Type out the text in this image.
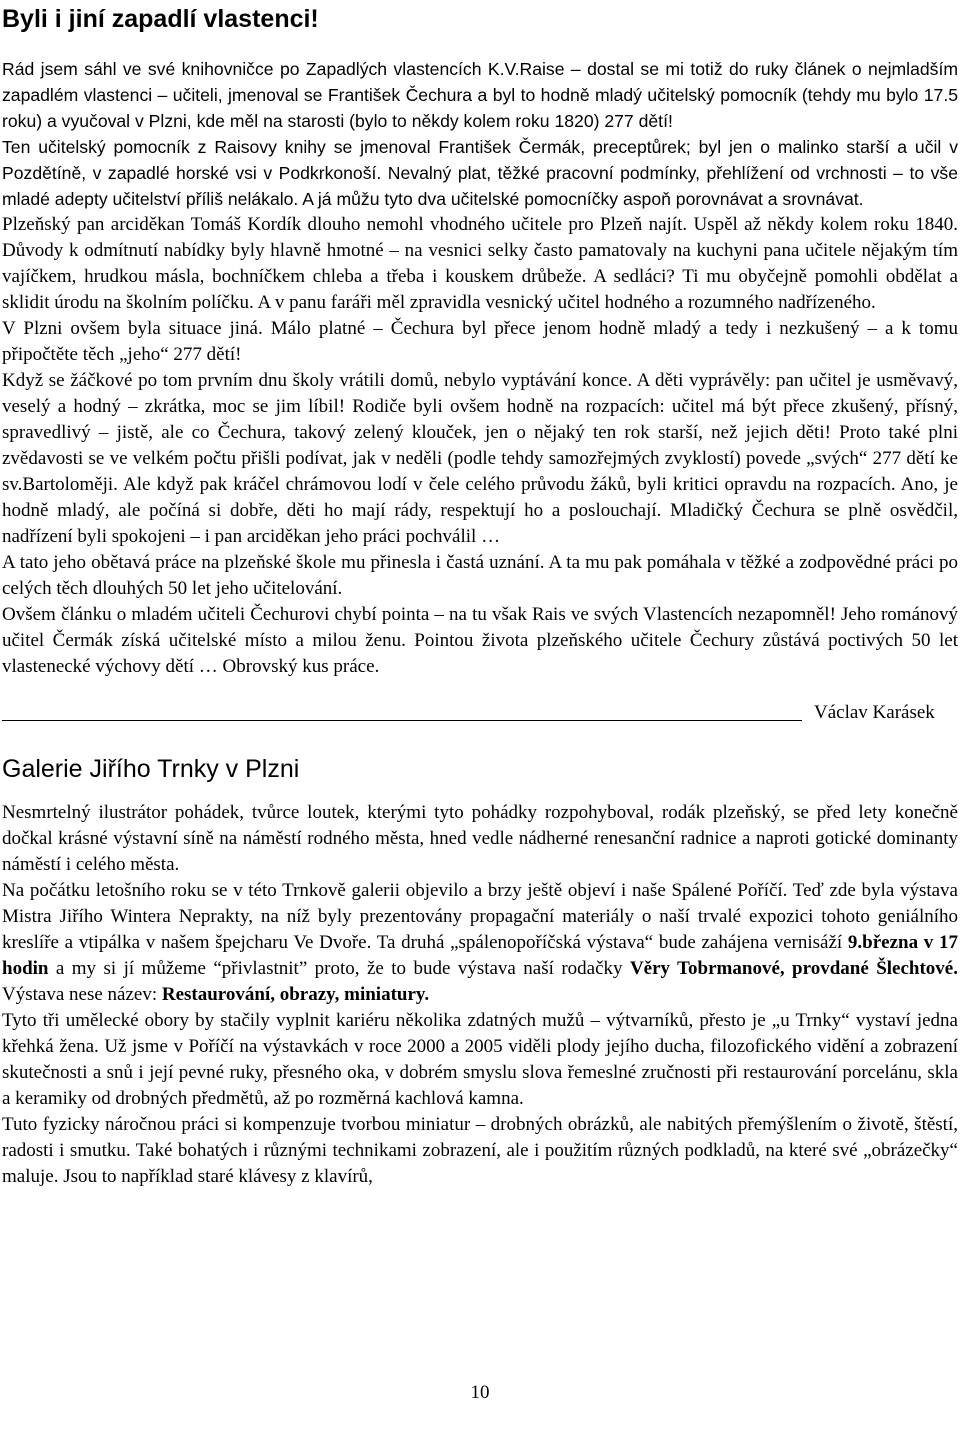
Byli i jiní zapadlí vlastenci!

Rád jsem sáhl ve své knihovničce po Zapadlých vlastencích K.V.Raise – dostal se mi totiž do ruky článek o nejmladším zapadlém vlastenci – učiteli, jmenoval se František Čechura a byl to hodně mladý učitelský pomocník (tehdy mu bylo 17.5 roku) a vyučoval v Plzni, kde měl na starosti (bylo to někdy kolem roku 1820) 277 dětí!

Ten učitelský pomocník z Raisovy knihy se jmenoval František Čermák, preceptůrek; byl jen o malinko starší a učil v Pozdětíně, v zapadlé horské vsi v Podkrkonoší. Nevalný plat, těžké pracovní podmínky, přehlížení od vrchnosti – to vše mladé adepty učitelství příliš nelákalo. A já můžu tyto dva učitelské pomocníčky aspoň porovnávat a srovnávat.

Plzeňský pan arciděkan Tomáš Kordík dlouho nemohl vhodného učitele pro Plzeň najít. Uspěl až někdy kolem roku 1840. Důvody k odmítnutí nabídky byly hlavně hmotné – na vesnici selky často pamatovaly na kuchyni pana učitele nějakým tím vajíčkem, hrudkou másla, bochníčkem chleba a třeba i kouskem drůbeže. A sedláci? Ti mu obyčejně pomohli obdělat a sklidit úrodu na školním políčku. A v panu faráři měl zpravidla vesnický učitel hodného a rozumného nadřízeného.

V Plzni ovšem byla situace jiná. Málo platné – Čechura byl přece jenom hodně mladý a tedy i nezkušený – a k tomu připočtěte těch „jeho“ 277 dětí!

Když se žáčkové po tom prvním dnu školy vrátili domů, nebylo vyptávání konce. A děti vyprávěly: pan učitel je usměvavý, veselý a hodný – zkrátka, moc se jim líbil! Rodiče byli ovšem hodně na rozpacích: učitel má být přece zkušený, přísný, spravedlivý – jistě, ale co Čechura, takový zelený klouček, jen o nějaký ten rok starší, než jejich děti! Proto také plni zvědavosti se ve velkém počtu přišli podívat, jak v neděli (podle tehdy samozřejmých zvyklostí) povede „svých“ 277 dětí ke sv.Bartoloměji. Ale když pak kráčel chrámovou lodí v čele celého průvodu žáků, byli kritici opravdu na rozpacích. Ano, je hodně mladý, ale počíná si dobře, děti ho mají rády, respektují ho a poslouchají. Mladičký Čechura se plně osvědčil, nadřízení byli spokojeni – i pan arciděkan jeho práci pochválil …

A tato jeho obětavá práce na plzeňské škole mu přinesla i častá uznání. A ta mu pak pomáhala v těžké a zodpovědné práci po celých těch dlouhých 50 let jeho učitelování.

Ovšem článku o mladém učiteli Čechurovi chybí pointa – na tu však Rais ve svých Vlastencích nezapomněl! Jeho románový učitel Čermák získá učitelské místo a milou ženu. Pointou života plzeňského učitele Čechury zůstává poctivých 50 let vlastenecké výchovy dětí … Obrovský kus práce.

Václav Karásek
Galerie Jiřího Trnky v Plzni

Nesmrtelný ilustrátor pohádek, tvůrce loutek, kterými tyto pohádky rozpohyboval, rodák plzeňský, se před lety konečně dočkal krásné výstavní síně na náměstí rodného města, hned vedle nádherné renesanční radnice a naproti gotické dominanty náměstí i celého města.

Na počátku letošního roku se v této Trnkově galerii objevilo a brzy ještě objeví i naše Spálené Poříčí. Teď zde byla výstava Mistra Jiřího Wintera Neprakty, na níž byly prezentovány propagační materiály o naší trvalé expozici tohoto geniálního kreslíře a vtipálka v našem špejcharu Ve Dvoře. Ta druhá „spálenopoříčská výstava“ bude zahájena vernisáží 9.března v 17 hodin a my si jí můžeme “přivlastnit” proto, že to bude výstava naší rodačky Věry Tobrmanové, provdané Šlechtové. Výstava nese název: Restaurování, obrazy, miniatury.

Tyto tři umělecké obory by stačily vyplnit kariéru několika zdatných mužů – výtvarníků, přesto je „u Trnky“ vystaví jedna křehká žena. Už jsme v Poříčí na výstavkách v roce 2000 a 2005 viděli plody jejího ducha, filozofického vidění a zobrazení skutečnosti a snů i její pevné ruky, přesného oka, v dobrém smyslu slova řemeslné zručnosti při restaurování porcelánu, skla a keramiky od drobných předmětů, až po rozměrná kachlová kamna.

Tuto fyzicky náročnou práci si kompenzuje tvorbou miniatur – drobných obrázků, ale nabitých přemýšlením o životě, štěstí, radosti i smutku. Také bohatých i různými technikami zobrazení, ale i použitím různých podkladů, na které své „obrázečky“ maluje. Jsou to například staré klávesy z klavírů,

10
